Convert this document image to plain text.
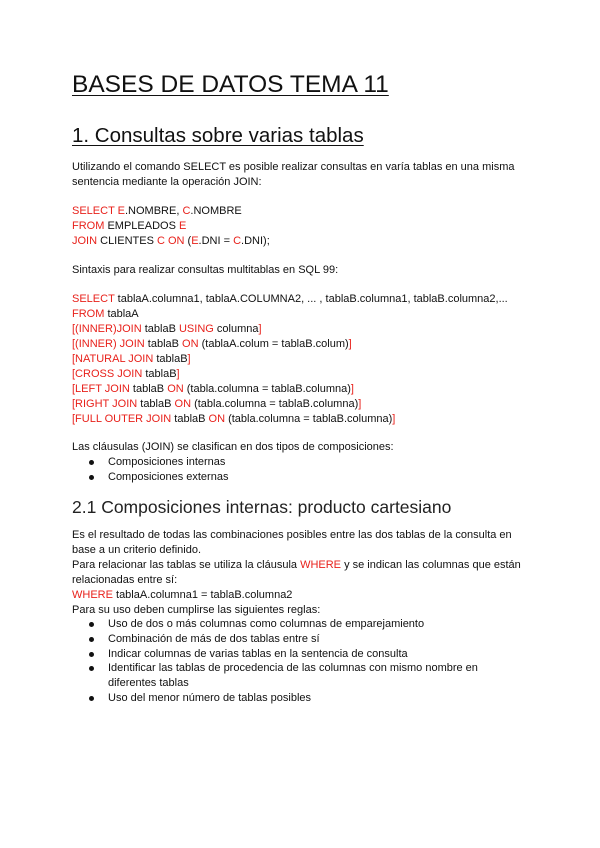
BASES DE DATOS TEMA 11
1. Consultas sobre varias tablas
Utilizando el comando SELECT es posible realizar consultas en varía tablas en una misma
sentencia mediante la operación JOIN:
SELECT E.NOMBRE, C.NOMBRE
FROM EMPLEADOS E
JOIN CLIENTES C ON (E.DNI = C.DNI);
Sintaxis para realizar consultas multitablas en SQL 99:
SELECT tablaA.columna1, tablaA.COLUMNA2, ... , tablaB.columna1, tablaB.columna2,...
FROM tablaA
[(INNER)JOIN tablaB USING columna]
[(INNER) JOIN tablaB ON (tablaA.colum = tablaB.colum)]
[NATURAL JOIN tablaB]
[CROSS JOIN tablaB]
[LEFT JOIN tablaB ON (tabla.columna = tablaB.columna)]
[RIGHT JOIN tablaB ON (tabla.columna = tablaB.columna)]
[FULL OUTER JOIN tablaB ON (tabla.columna = tablaB.columna)]
Las cláusulas (JOIN) se clasifican en dos tipos de composiciones:
Composiciones internas
Composiciones externas
2.1 Composiciones internas: producto cartesiano
Es el resultado de todas las combinaciones posibles entre las dos tablas de la consulta en
base a un criterio definido.
Para relacionar las tablas se utiliza la cláusula WHERE y se indican las columnas que están
relacionadas entre sí:
WHERE tablaA.columna1 = tablaB.columna2
Para su uso deben cumplirse las siguientes reglas:
Uso de dos o más columnas como columnas de emparejamiento
Combinación de más de dos tablas entre sí
Indicar columnas de varias tablas en la sentencia de consulta
Identificar las tablas de procedencia de las columnas con mismo nombre en
diferentes tablas
Uso del menor número de tablas posibles
